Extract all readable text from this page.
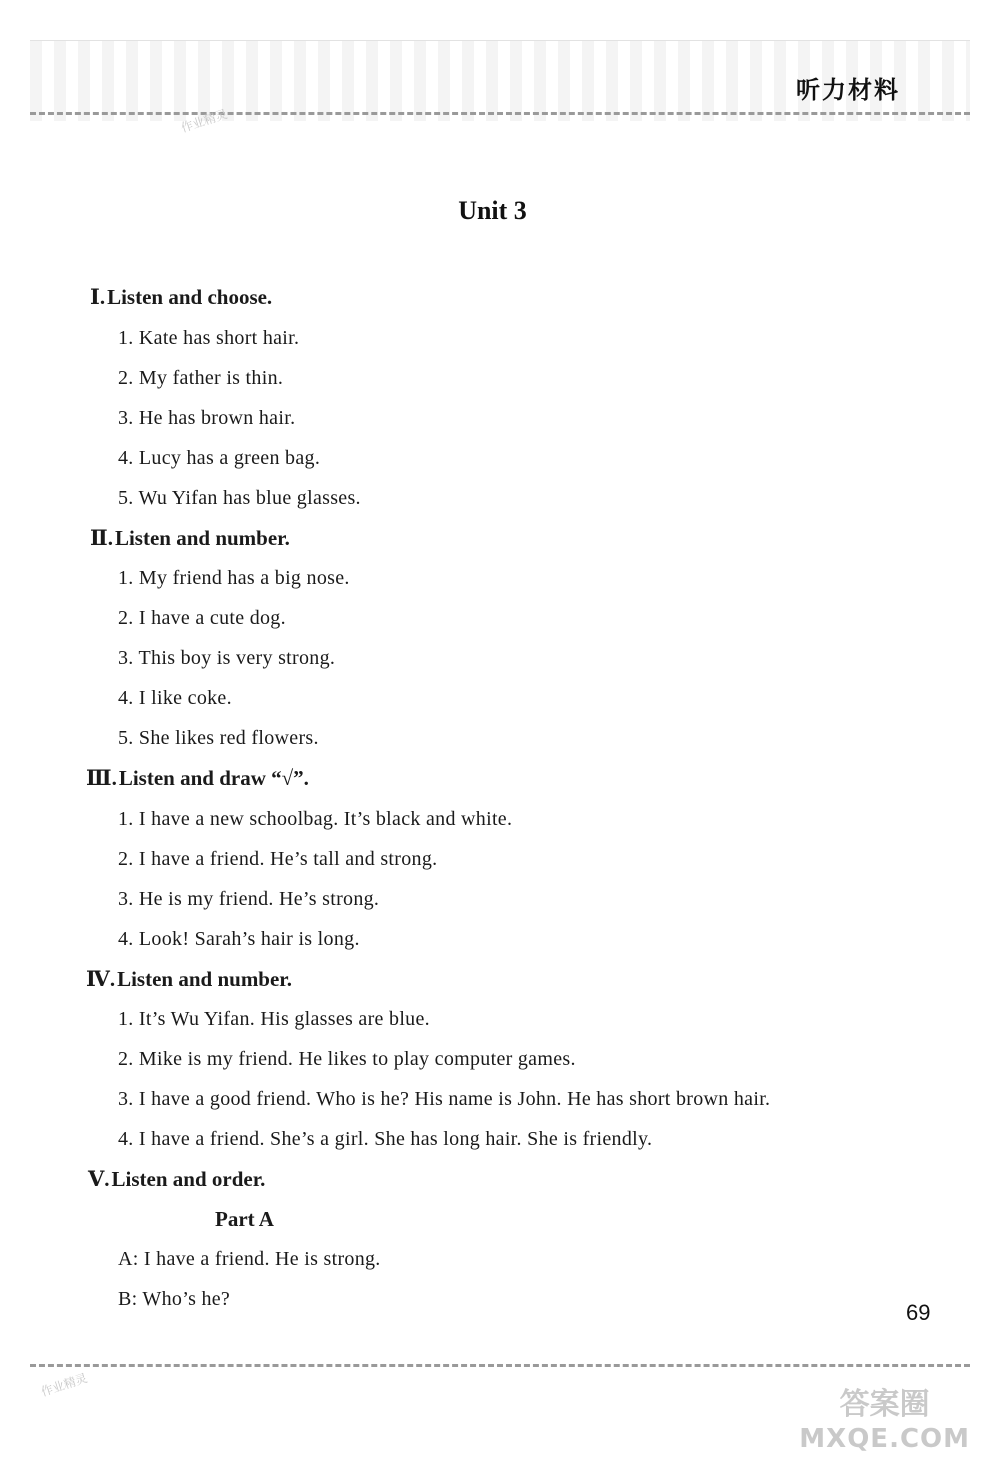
听力材料
作业精灵
Unit 3
Ⅰ.Listen and choose.
1. Kate has short hair.
2. My father is thin.
3. He has brown hair.
4. Lucy has a green bag.
5. Wu Yifan has blue glasses.
Ⅱ.Listen and number.
1. My friend has a big nose.
2. I have a cute dog.
3. This boy is very strong.
4. I like coke.
5. She likes red flowers.
Ⅲ.Listen and draw “√”.
1. I have a new schoolbag. It’s black and white.
2. I have a friend. He’s tall and strong.
3. He is my friend. He’s strong.
4. Look! Sarah’s hair is long.
Ⅳ.Listen and number.
1. It’s Wu Yifan. His glasses are blue.
2. Mike is my friend. He likes to play computer games.
3. I have a good friend. Who is he? His name is John. He has short brown hair.
4. I have a friend. She’s a girl. She has long hair. She is friendly.
Ⅴ.Listen and order.
Part A
A: I have a friend. He is strong.
B: Who’s he?
69
作业精灵
答案圈
MXQE.COM
